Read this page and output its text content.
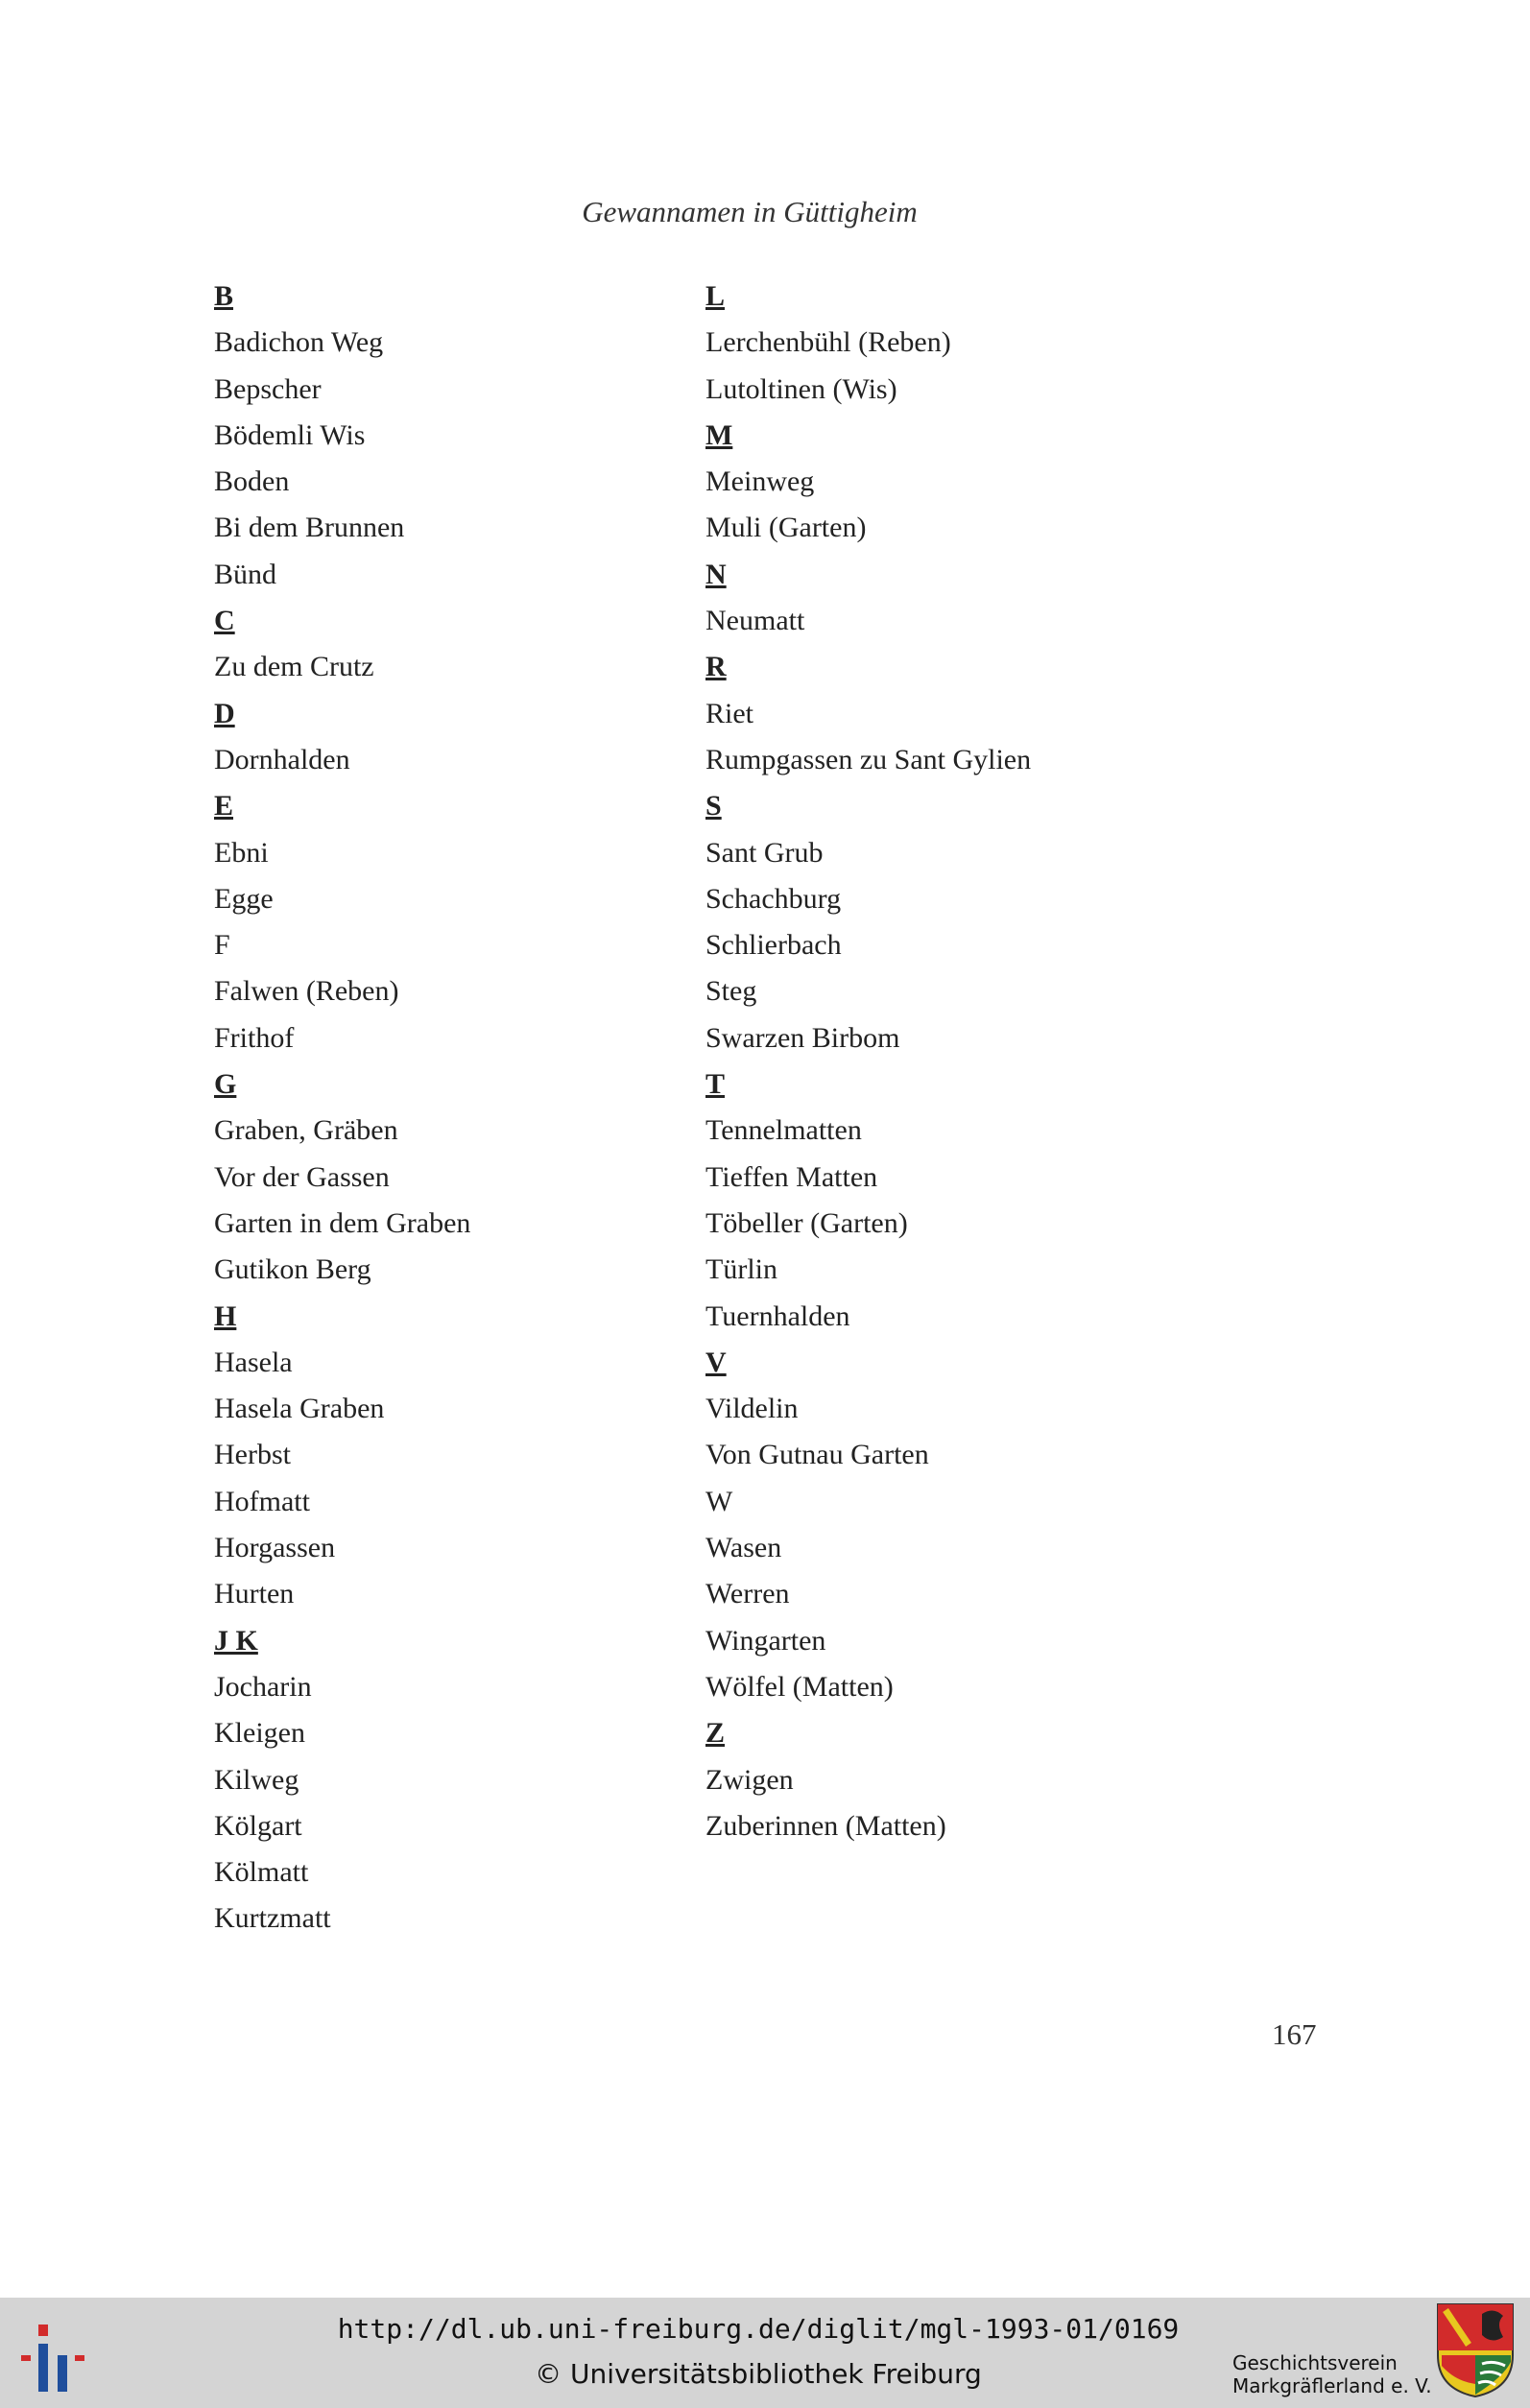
Gewannamen in Güttigheim
B
Badichon Weg
Bepscher
Bödemli Wis
Boden
Bi dem Brunnen
Bünd
C
Zu dem Crutz
D
Dornhalden
E
Ebni
Egge
F
Falwen (Reben)
Frithof
G
Graben, Gräben
Vor der Gassen
Garten in dem Graben
Gutikon Berg
H
Hasela
Hasela Graben
Herbst
Hofmatt
Horgassen
Hurten
J K
Jocharin
Kleigen
Kilweg
Kölgart
Kölmatt
Kurtzmatt
L
Lerchenbühl (Reben)
Lutoltinen (Wis)
M
Meinweg
Muli (Garten)
N
Neumatt
R
Riet
Rumpgassen zu Sant Gylien
S
Sant Grub
Schachburg
Schlierbach
Steg
Swarzen Birbom
T
Tennelmatten
Tieffen Matten
Töbeller (Garten)
Türlin
Tuernhalden
V
Vildelin
Von Gutnau Garten
W
Wasen
Werren
Wingarten
Wölfel (Matten)
Z
Zwigen
Zuberinnen (Matten)
167
http://dl.ub.uni-freiburg.de/diglit/mgl-1993-01/0169
© Universitätsbibliothek Freiburg	Geschichtsverein
Markgräflerland e. V.
